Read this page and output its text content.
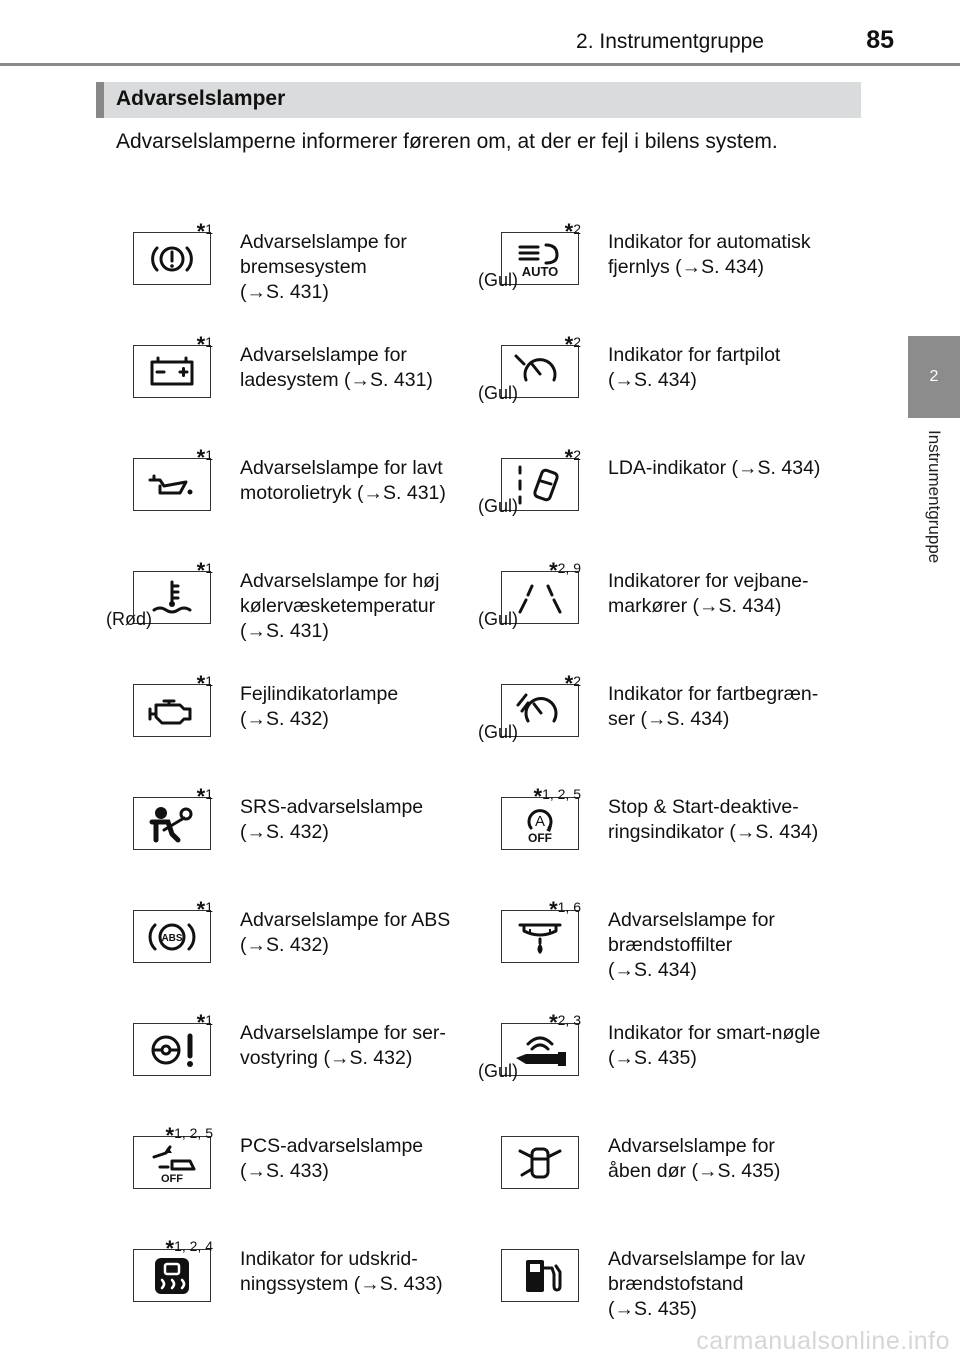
2. Instrumentgruppe	85
2
Instrumentgruppe
Advarselslamper
Advarselslamperne informerer føreren om, at der er fejl i bilens system.
*1
Advarselslampe for
bremsesystem
(→S. 431)
AUTO
*2
(Gul)
Indikator for automatisk
fjernlys (→S. 434)
*1
Advarselslampe for
ladesystem (→S. 431)
*2
(Gul)
Indikator for fartpilot
(→S. 434)
*1
Advarselslampe for lavt
motorolietryk (→S. 431)
*2
(Gul)
LDA-indikator (→S. 434)
*1
(Rød)
Advarselslampe for høj
kølervæsketemperatur
(→S. 431)
*2, 9
(Gul)
Indikatorer for vejbane-
markører (→S. 434)
*1
Fejlindikatorlampe
(→S. 432)
*2
(Gul)
Indikator for fartbegræn-
ser (→S. 434)
*1
SRS-advarselslampe
(→S. 432)	A
OFF
*1, 2, 5
Stop & Start-deaktive-
ringsindikator (→S. 434)
ABS
*1
Advarselslampe for ABS
(→S. 432)
*1, 6
Advarselslampe for
brændstoffilter
(→S. 434)
*1
Advarselslampe for ser-
vostyring (→S. 432)
*2, 3
(Gul)
Indikator for smart-nøgle
(→S. 435)
OFF
*1, 2, 5
PCS-advarselslampe
(→S. 433)
Advarselslampe for
åben dør (→S. 435)
*1, 2, 4
Indikator for udskrid-
ningssystem (→S. 433)
Advarselslampe for lav
brændstofstand
(→S. 435)
carmanualsonline.info
